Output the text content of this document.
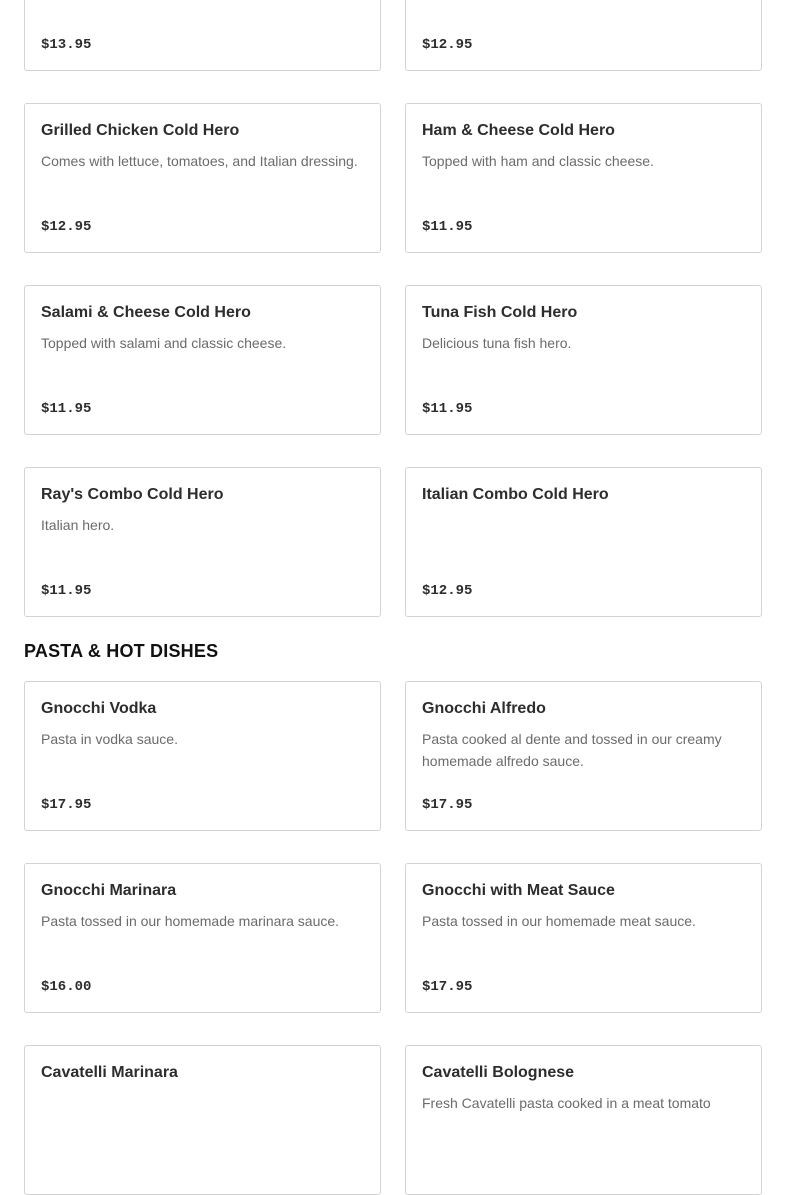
$13.95	$12.95

Grilled Chicken Cold Hero

Comes with lettuce, tomatoes, and Italian dressing.

$12.95

Ham & Cheese Cold Hero

Topped with ham and classic cheese.

$11.95

Salami & Cheese Cold Hero

Topped with salami and classic cheese.

$11.95

Tuna Fish Cold Hero

Delicious tuna fish hero.

$11.95

Ray's Combo Cold Hero

Italian hero.

$11.95

Italian Combo Cold Hero

$12.95

PASTA & HOT DISHES

Gnocchi Vodka

Pasta in vodka sauce.

$17.95

Gnocchi Alfredo

Pasta cooked al dente and tossed in our creamy homemade alfredo sauce.

$17.95

Gnocchi Marinara

Pasta tossed in our homemade marinara sauce.

$16.00

Gnocchi with Meat Sauce

Pasta tossed in our homemade meat sauce.

$17.95

Cavatelli Marinara	Cavatelli Bolognese

Fresh Cavatelli pasta cooked in a meat tomato
